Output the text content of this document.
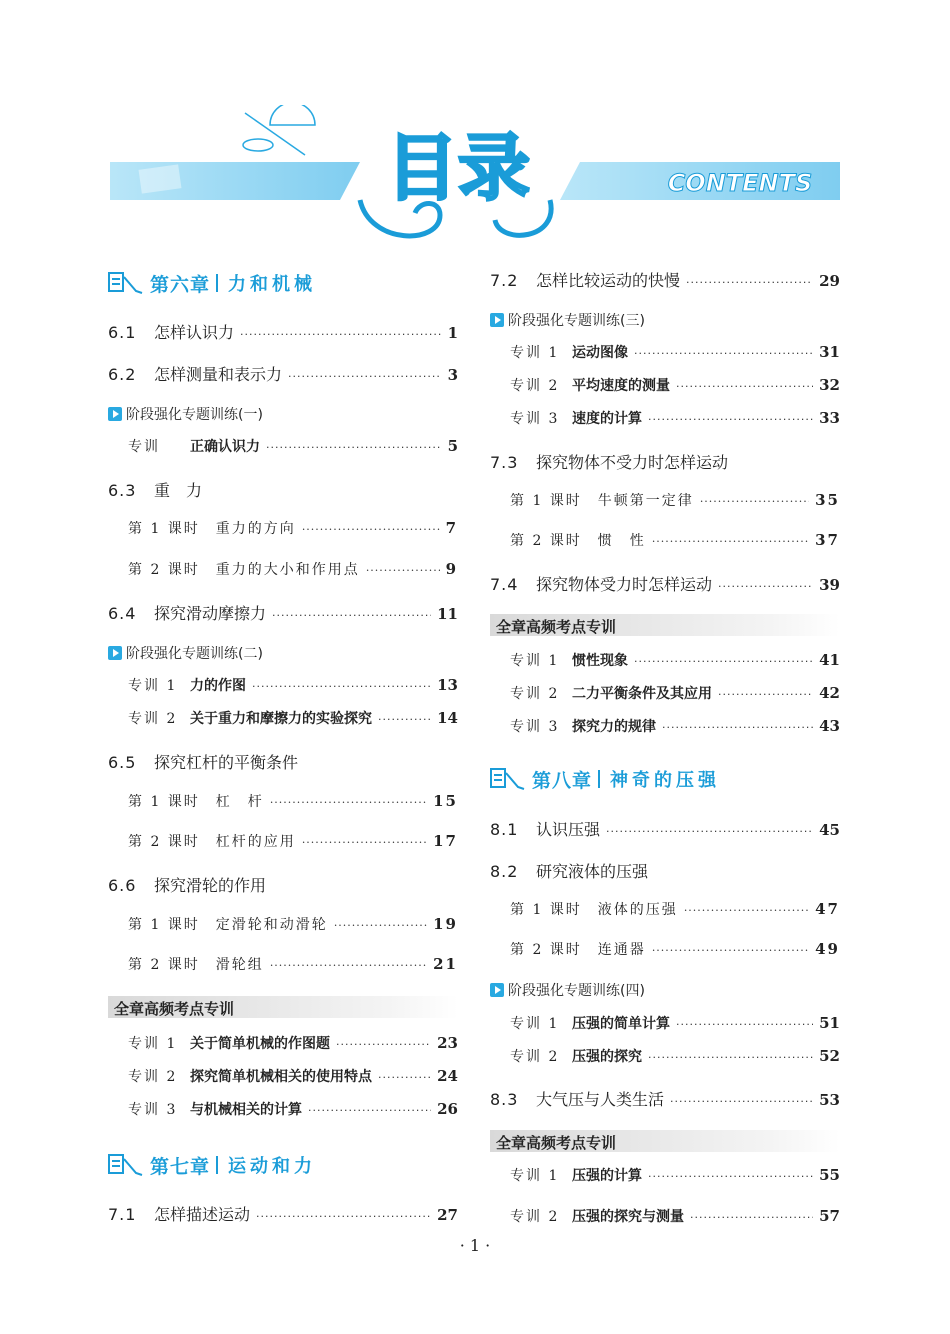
目录	CONTENTS
第六章 力和机械
6.1 怎样认识力 ·····	1
6.2 怎样测量和表示力 ·····	3
阶段强化专题训练(一)
专训 正确认识力 ·····	5
6.3 重　力
第 1 课时　重力的方向 ·····	7
第 2 课时　重力的大小和作用点 ·····	9
6.4 探究滑动摩擦力 ·····	11
阶段强化专题训练(二)
专训 1 力的作图 ·····	13
专训 2 关于重力和摩擦力的实验探究 ·····	14
6.5 探究杠杆的平衡条件
第 1 课时　杠　杆 ·····	15
第 2 课时　杠杆的应用 ·····	17
6.6 探究滑轮的作用
第 1 课时　定滑轮和动滑轮 ·····	19
第 2 课时　滑轮组 ·····	21
全章高频考点专训
专训 1 关于简单机械的作图题 ·····	23
专训 2 探究简单机械相关的使用特点 ·····	24
专训 3 与机械相关的计算 ·····	26
第七章 运动和力
7.1 怎样描述运动 ·····	27
7.2 怎样比较运动的快慢 ·····	29
阶段强化专题训练(三)
专训 1 运动图像 ·····	31
专训 2 平均速度的测量 ·····	32
专训 3 速度的计算 ·····	33
7.3 探究物体不受力时怎样运动
第 1 课时　牛顿第一定律 ·····	35
第 2 课时　惯　性 ·····	37
7.4 探究物体受力时怎样运动 ·····	39
全章高频考点专训
专训 1 惯性现象 ·····	41
专训 2 二力平衡条件及其应用 ·····	42
专训 3 探究力的规律 ·····	43
第八章 神奇的压强
8.1 认识压强 ·····	45
8.2 研究液体的压强
第 1 课时　液体的压强 ·····	47
第 2 课时　连通器 ·····	49
阶段强化专题训练(四)
专训 1 压强的简单计算 ·····	51
专训 2 压强的探究 ·····	52
8.3 大气压与人类生活 ·····	53
全章高频考点专训
专训 1 压强的计算 ·····	55
专训 2 压强的探究与测量 ·····	57
· 1 ·
